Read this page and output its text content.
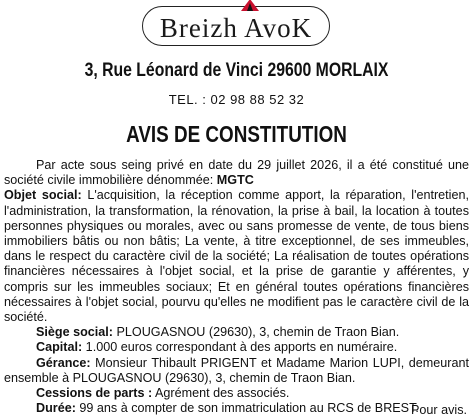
Breizh AvoK
3, Rue Léonard de Vinci 29600 MORLAIX
TEL. : 02 98 88 52 32
AVIS DE CONSTITUTION

Par acte sous seing privé en date du 29 juillet 2026, il a été constitué une société civile immobilière dénommée: MGTC

Objet social: L'acquisition, la réception comme apport, la réparation, l'entretien, l'administration, la transformation, la rénovation, la prise à bail, la location à toutes personnes physiques ou morales, avec ou sans promesse de vente, de tous biens immobiliers bâtis ou non bâtis; La vente, à titre exceptionnel, de ses immeubles, dans le respect du caractère civil de la société; La réalisation de toutes opérations financières nécessaires à l'objet social, et la prise de garantie y afférentes, y compris sur les immeubles sociaux; Et en général toutes opérations financières nécessaires à l'objet social, pourvu qu'elles ne modifient pas le caractère civil de la société.

Siège social: PLOUGASNOU (29630), 3, chemin de Traon Bian.

Capital: 1.000 euros correspondant à des apports en numéraire.

Gérance: Monsieur Thibault PRIGENT et Madame Marion LUPI, demeurant ensemble à PLOUGASNOU (29630), 3, chemin de Traon Bian.

Cessions de parts : Agrément des associés.

Durée: 99 ans à compter de son immatriculation au RCS de BREST.

Pour avis.
